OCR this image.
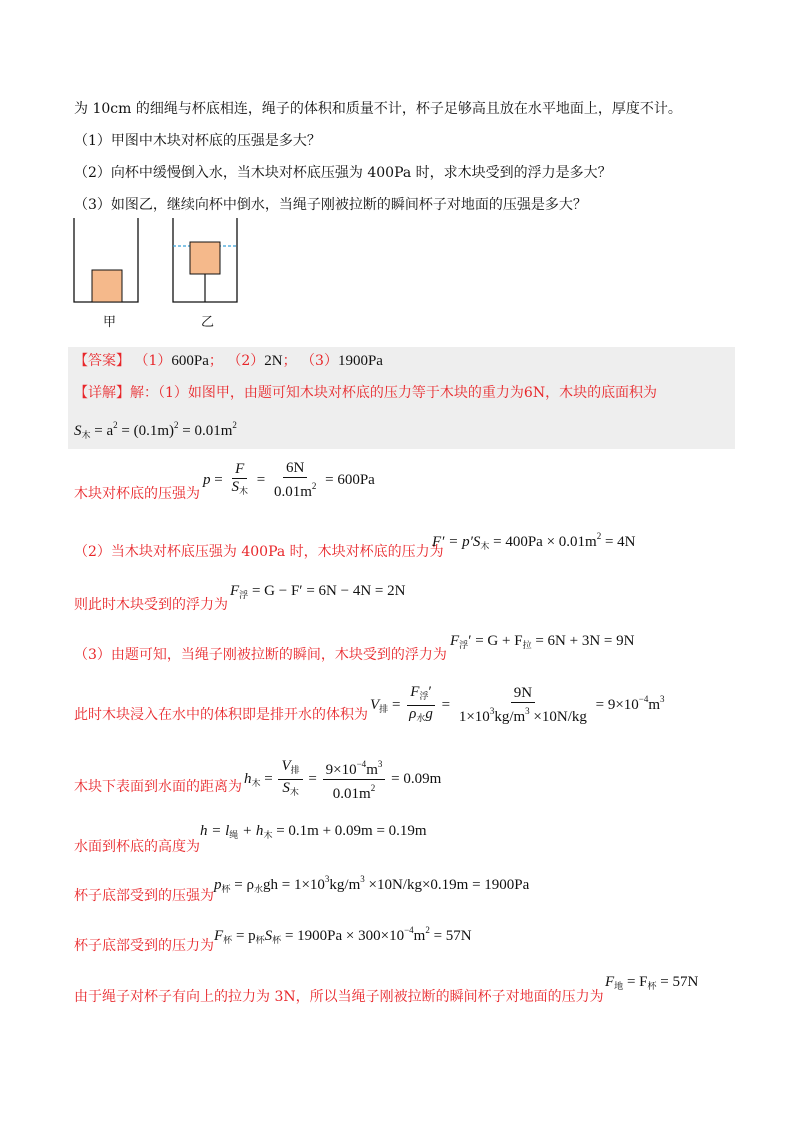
为 10cm 的细绳与杯底相连，绳子的体积和质量不计，杯子足够高且放在水平地面上，厚度不计。
（1）甲图中木块对杯底的压强是多大？
（2）向杯中缓慢倒入水，当木块对杯底压强为 400Pa 时，求木块受到的浮力是多大？
（3）如图乙，继续向杯中倒水，当绳子刚被拉断的瞬间杯子对地面的压强是多大？
甲	乙
【答案】 （1）600Pa； （2）2N； （3）1900Pa
【详解】解：（1）如图甲，由题可知木块对杯底的压力等于木块的重力为6N，木块的底面积为
$S_木 = a^2 = (0.1m)^2 = 0.01m^2$
木块对杯底的压强为
$p = \frac{F}{S_木} = \frac{6N}{0.01m^2} = 600Pa$
（2）当木块对杯底压强为 400Pa 时，木块对杯底的压力为
$F' = p'S_木 = 400Pa \times 0.01m^2 = 4N$
则此时木块受到的浮力为
$F_浮 = G - F' = 6N - 4N = 2N$
（3）由题可知，当绳子刚被拉断的瞬间，木块受到的浮力为
$F_浮' = G + F_拉 = 6N + 3N = 9N$
此时木块浸入在水中的体积即是排开水的体积为
$V_排 = \frac{F_浮'}{\rho_水g} = \frac{9N}{1\times 10^3kg/m^3 \times 10N/kg} = 9\times 10^{-4}m^3$
木块下表面到水面的距离为
$h_木 = \frac{V_排}{S_木} = \frac{9\times 10^{-4}m^3}{0.01m^2} = 0.09m$
水面到杯底的高度为
$h = l_绳 + h_木 = 0.1m + 0.09m = 0.19m$
杯子底部受到的压强为
$p_杯 = \rho_水gh = 1\times 10^3kg/m^3 \times 10N/kg\times 0.19m = 1900Pa$
杯子底部受到的压力为
$F_杯 = p_杯S_杯 = 1900Pa \times 300\times 10^{-4}m^2 = 57N$
由于绳子对杯子有向上的拉力为 3N，所以当绳子刚被拉断的瞬间杯子对地面的压力为
$F_地 = F_杯 = 57N$
